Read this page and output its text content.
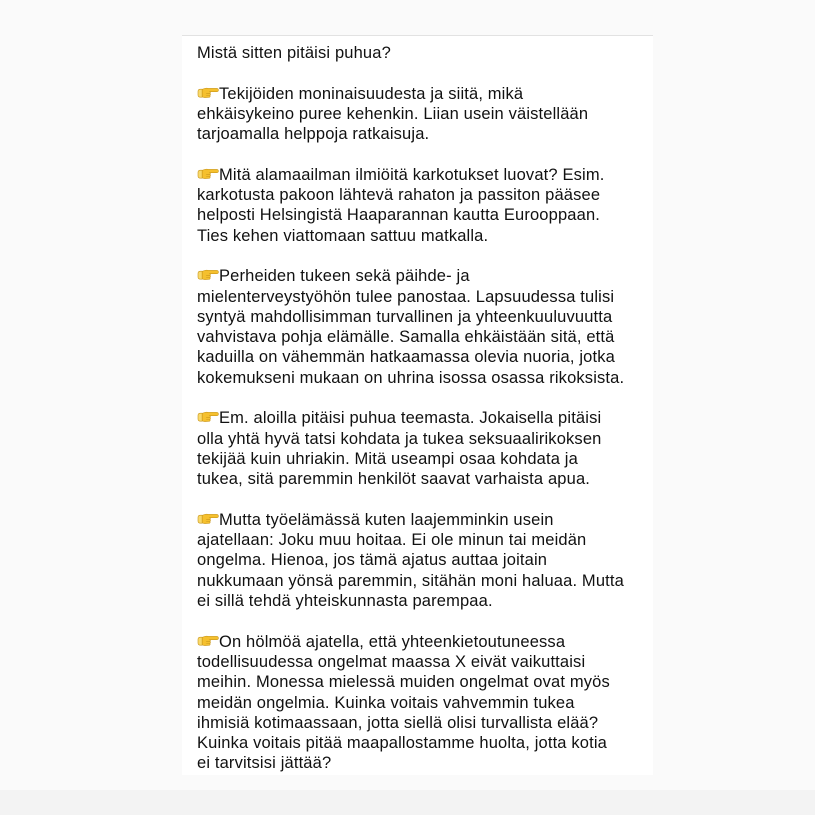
Mistä sitten pitäisi puhua?
Tekijöiden moninaisuudesta ja siitä, mikä
ehkäisykeino puree kehenkin. Liian usein väistellään
tarjoamalla helppoja ratkaisuja.
Mitä alamaailman ilmiöitä karkotukset luovat? Esim.
karkotusta pakoon lähtevä rahaton ja passiton pääsee
helposti Helsingistä Haaparannan kautta Eurooppaan.
Ties kehen viattomaan sattuu matkalla.
Perheiden tukeen sekä päihde- ja
mielenterveystyöhön tulee panostaa. Lapsuudessa tulisi
syntyä mahdollisimman turvallinen ja yhteenkuuluvuutta
vahvistava pohja elämälle. Samalla ehkäistään sitä, että
kaduilla on vähemmän hatkaamassa olevia nuoria, jotka
kokemukseni mukaan on uhrina isossa osassa rikoksista.
Em. aloilla pitäisi puhua teemasta. Jokaisella pitäisi
olla yhtä hyvä tatsi kohdata ja tukea seksuaalirikoksen
tekijää kuin uhriakin. Mitä useampi osaa kohdata ja
tukea, sitä paremmin henkilöt saavat varhaista apua.
Mutta työelämässä kuten laajemminkin usein
ajatellaan: Joku muu hoitaa. Ei ole minun tai meidän
ongelma. Hienoa, jos tämä ajatus auttaa joitain
nukkumaan yönsä paremmin, sitähän moni haluaa. Mutta
ei sillä tehdä yhteiskunnasta parempaa.
On hölmöä ajatella, että yhteenkietoutuneessa
todellisuudessa ongelmat maassa X eivät vaikuttaisi
meihin. Monessa mielessä muiden ongelmat ovat myös
meidän ongelmia. Kuinka voitais vahvemmin tukea
ihmisiä kotimaassaan, jotta siellä olisi turvallista elää?
Kuinka voitais pitää maapallostamme huolta, jotta kotia
ei tarvitsisi jättää?
